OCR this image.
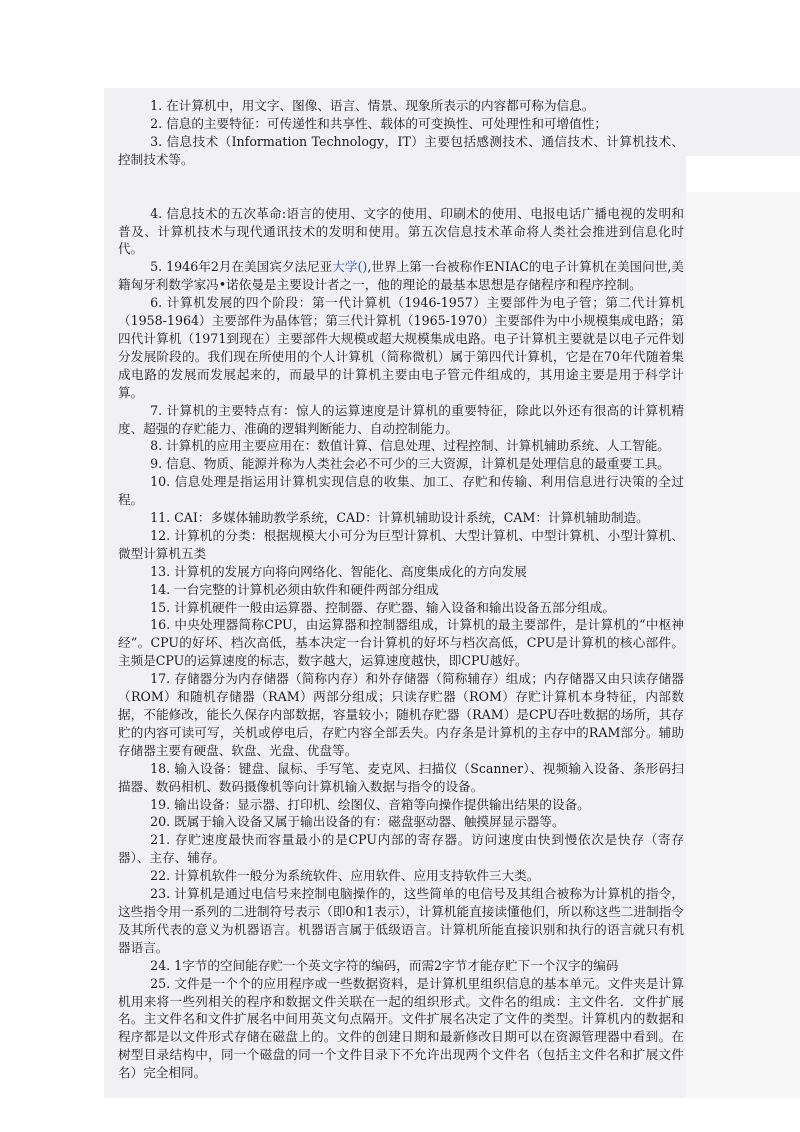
1. 在计算机中，用文字、图像、语言、情景、现象所表示的内容都可称为信息。

2. 信息的主要特征：可传递性和共享性、载体的可变换性、可处理性和可增值性；

3. 信息技术（Information Technology，IT）主要包括感测技术、通信技术、计算机技术、控制技术等。

4. 信息技术的五次革命:语言的使用、文字的使用、印刷术的使用、电报电话广播电视的发明和普及、计算机技术与现代通讯技术的发明和使用。第五次信息技术革命将人类社会推进到信息化时代。

5. 1946年2月在美国宾夕法尼亚大学(),世界上第一台被称作ENIAC的电子计算机在美国问世,美籍匈牙利数学家冯•诺依曼是主要设计者之一，他的理论的最基本思想是存储程序和程序控制。

6. 计算机发展的四个阶段：第一代计算机（1946-1957）主要部件为电子管；第二代计算机（1958-1964）主要部件为晶体管；第三代计算机（1965-1970）主要部件为中小规模集成电路；第四代计算机（1971到现在）主要部件大规模或超大规模集成电路。电子计算机主要就是以电子元件划分发展阶段的。我们现在所使用的个人计算机（简称微机）属于第四代计算机，它是在70年代随着集成电路的发展而发展起来的，而最早的计算机主要由电子管元件组成的，其用途主要是用于科学计算。

7. 计算机的主要特点有：惊人的运算速度是计算机的重要特征，除此以外还有很高的计算机精度、超强的存贮能力、准确的逻辑判断能力、自动控制能力。

8. 计算机的应用主要应用在：数值计算、信息处理、过程控制、计算机辅助系统、人工智能。

9. 信息、物质、能源并称为人类社会必不可少的三大资源，计算机是处理信息的最重要工具。

10. 信息处理是指运用计算机实现信息的收集、加工、存贮和传输、利用信息进行决策的全过程。

11. CAI：多媒体辅助教学系统，CAD：计算机辅助设计系统，CAM：计算机辅助制造。

12. 计算机的分类：根据规模大小可分为巨型计算机、大型计算机、中型计算机、小型计算机、微型计算机五类

13. 计算机的发展方向将向网络化、智能化、高度集成化的方向发展

14. 一台完整的计算机必须由软件和硬件两部分组成

15. 计算机硬件一般由运算器、控制器、存贮器、输入设备和输出设备五部分组成。

16. 中央处理器简称CPU，由运算器和控制器组成，计算机的最主要部件，是计算机的“中枢神经”。CPU的好坏、档次高低，基本决定一台计算机的好坏与档次高低，CPU是计算机的核心部件。主频是CPU的运算速度的标志，数字越大，运算速度越快，即CPU越好。

17. 存储器分为内存储器（简称内存）和外存储器（简称辅存）组成；内存储器又由只读存储器（ROM）和随机存储器（RAM）两部分组成；只读存贮器（ROM）存贮计算机本身特征，内部数据，不能修改，能长久保存内部数据，容量较小；随机存贮器（RAM）是CPU吞吐数据的场所，其存贮的内容可读可写，关机或停电后，存贮内容全部丢失。内存条是计算机的主存中的RAM部分。辅助存储器主要有硬盘、软盘、光盘、优盘等。

18. 输入设备：键盘、鼠标、手写笔、麦克风、扫描仪（Scanner）、视频输入设备、条形码扫描器、数码相机、数码摄像机等向计算机输入数据与指令的设备。

19. 输出设备：显示器、打印机、绘图仪、音箱等向操作提供输出结果的设备。

20. 既属于输入设备又属于输出设备的有：磁盘驱动器、触摸屏显示器等。

21. 存贮速度最快而容量最小的是CPU内部的寄存器。访问速度由快到慢依次是快存（寄存器）、主存、辅存。

22. 计算机软件一般分为系统软件、应用软件、应用支持软件三大类。

23. 计算机是通过电信号来控制电脑操作的，这些简单的电信号及其组合被称为计算机的指令，这些指令用一系列的二进制符号表示（即0和1表示），计算机能直接读懂他们，所以称这些二进制指令及其所代表的意义为机器语言。机器语言属于低级语言。计算机所能直接识别和执行的语言就只有机器语言。

24. 1字节的空间能存贮一个英文字符的编码，而需2字节才能存贮下一个汉字的编码

25. 文件是一个个的应用程序或一些数据资料，是计算机里组织信息的基本单元。文件夹是计算机用来将一些列相关的程序和数据文件关联在一起的组织形式。文件名的组成：主文件名．文件扩展名。主文件名和文件扩展名中间用英文句点隔开。文件扩展名决定了文件的类型。计算机内的数据和程序都是以文件形式存储在磁盘上的。文件的创建日期和最新修改日期可以在资源管理器中看到。在树型目录结构中，同一个磁盘的同一个文件目录下不允许出现两个文件名（包括主文件名和扩展文件名）完全相同。
